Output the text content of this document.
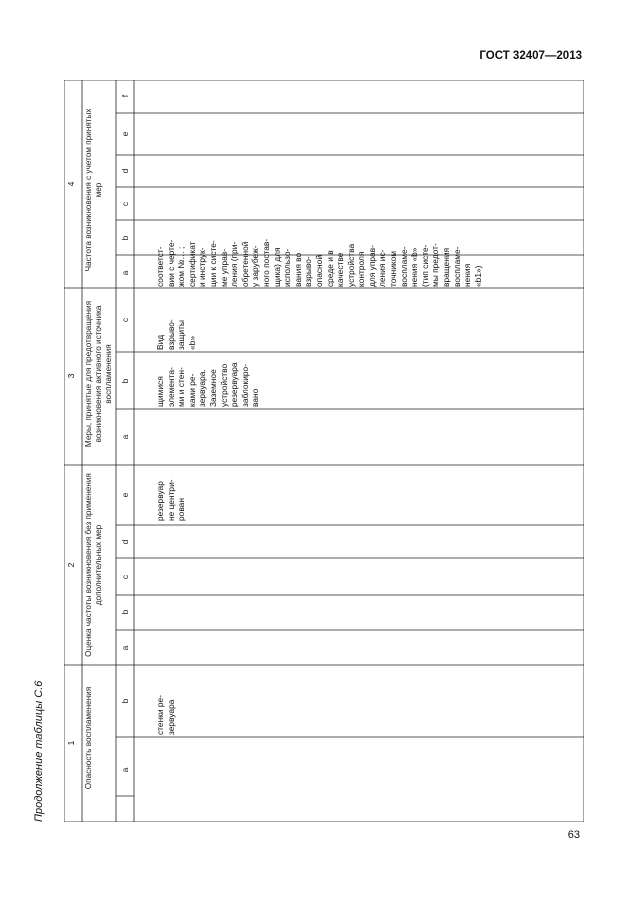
ГОСТ 32407—2013
Продолжение таблицы С.6
4 Частота возникновения с учетом принятых мер
a
b
c
d
e
f
3 Меры, принятые для предотвращения возникновения активного источника воспламенения
a
b
c
2 Оценка частоты возникновения без применения дополнительных мер
a
b
c
d
e
1 Опасность воспламенения	a
b
стенки ре-
зервуара
резервуар
не центри-
рован
щимися
элемента-
ми и стен-
ками ре-
зервуара.
Заземное
устройство
резервуара
заблокиро-
вано
Вид
взрыво-
защиты
«b»
соответст-
вии с черте-
жом №… ;
сертификат
и инструк-
ции к систе-
ме управ-
ления (при-
обретенной
у зарубеж-
ного постав-
щика) для
использо-
вания во
взрыво-
опасной
среде и в
качестве
устройства
контроля
для управ-
ления ис-
точником
воспламе-
нения «b»
(тип систе-
мы предот-
вращения
воспламе-
нения
«b1»)
63
